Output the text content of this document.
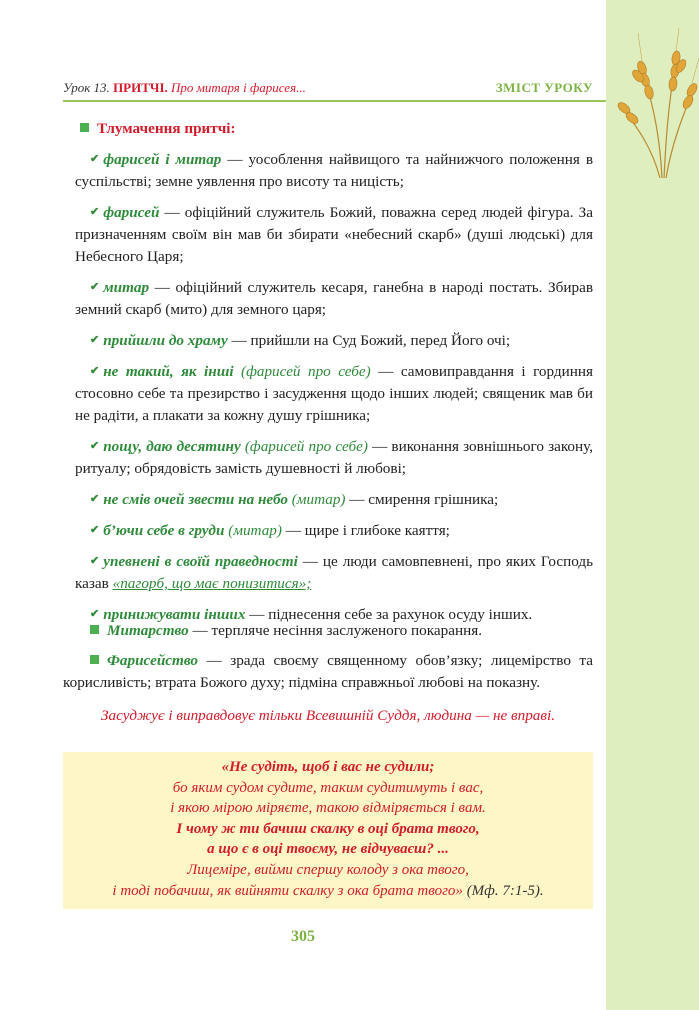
Урок 13. ПРИТЧІ. Про митаря і фарисея...	ЗМІСТ УРОКУ

Тлумачення притчі:

✔ фарисей і митар — уособлення найвищого та найнижчого положення в суспільстві; земне уявлення про висоту та ницість;

✔ фарисей — офіційний служитель Божий, поважна серед людей фігура. За призначенням своїм він мав би збирати «небесний скарб» (душі людські) для Небесного Царя;

✔ митар — офіційний служитель кесаря, ганебна в народі постать. Збирав земний скарб (мито) для земного царя;

✔ прийшли до храму — прийшли на Суд Божий, перед Його очі;

✔ не такий, як інші (фарисей про себе) — самовиправдання і гординня стосовно себе та презирство і засудження щодо інших людей; священик мав би не радіти, а плакати за кожну душу грішника;

✔ пощу, даю десятину (фарисей про себе) — виконання зовнішнього закону, ритуалу; обрядовість замість душевності й любові;

✔ не смів очей звести на небо (митар) — смирення грішника;

✔ б’ючи себе в груди (митар) — щире і глибоке каяття;

✔ упевнені в своїй праведності — це люди самовпевнені, про яких Господь казав «пагорб, що має понизитися»;

✔ принижувати інших — піднесення себе за рахунок осуду інших.

Митарство — терпляче несіння заслуженого покарання.

Фарисейство — зрада своєму священному обов’язку; лицемірство та корисливість; втрата Божого духу; підміна справжньої любові на показну.

Засуджує і виправдовує тільки Всевишній Суддя, людина — не вправі.
«Не судіть, щоб і вас не судили;
бо яким судом судите, таким судитимуть і вас,
і якою мірою міряєте, такою відміряється і вам.
І чому ж ти бачиш скалку в оці брата твого,
а що є в оці твоєму, не відчуваєш? ...
Лицеміре, вийми спершу колоду з ока твого,
і тоді побачиш, як вийняти скалку з ока брата твого» (Мф. 7:1-5).
305
